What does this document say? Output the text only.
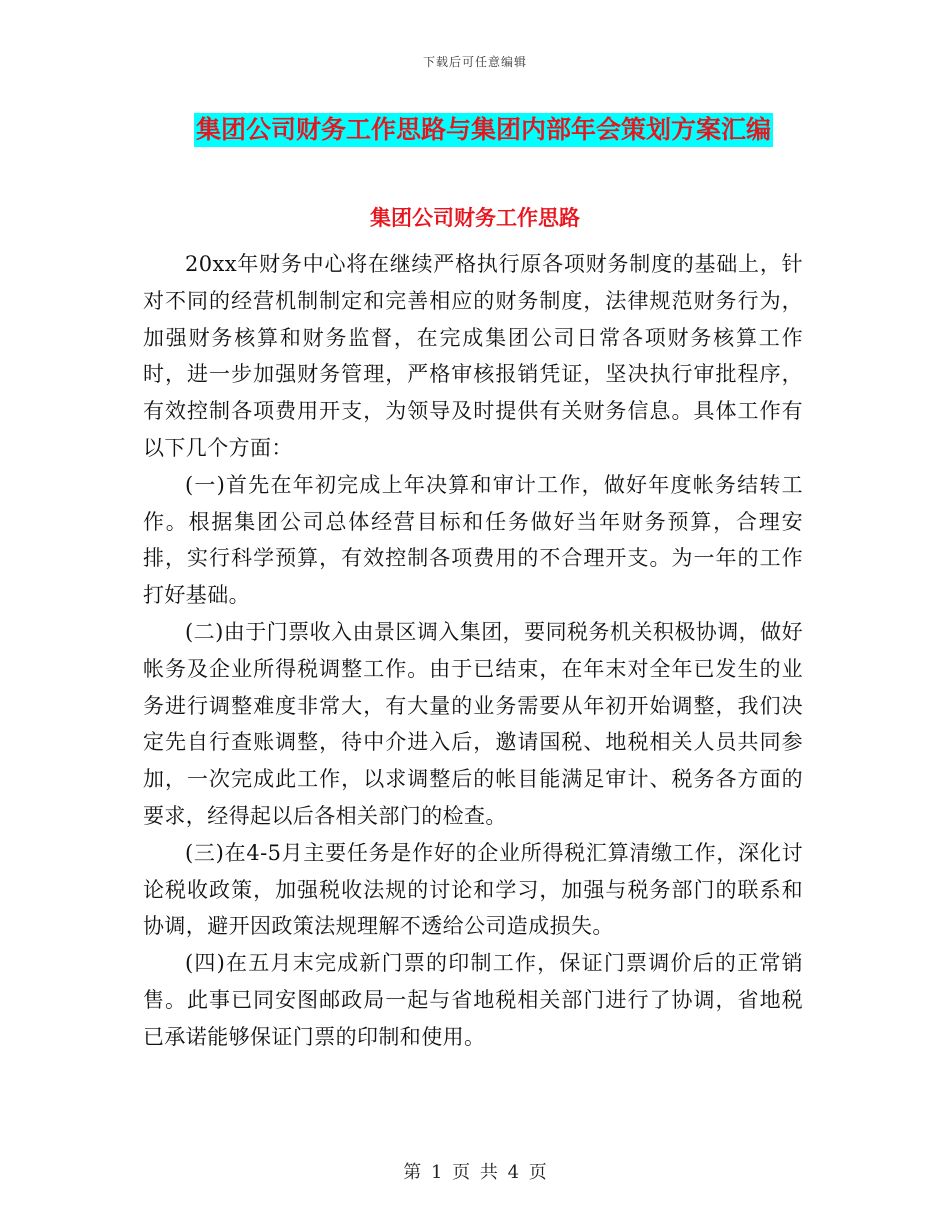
下载后可任意编辑
集团公司财务工作思路与集团内部年会策划方案汇编
集团公司财务工作思路

20xx年财务中心将在继续严格执行原各项财务制度的基础上，针对不同的经营机制制定和完善相应的财务制度，法律规范财务行为，加强财务核算和财务监督，在完成集团公司日常各项财务核算工作时，进一步加强财务管理，严格审核报销凭证，坚决执行审批程序，有效控制各项费用开支，为领导及时提供有关财务信息。具体工作有以下几个方面：

(一)首先在年初完成上年决算和审计工作，做好年度帐务结转工作。根据集团公司总体经营目标和任务做好当年财务预算，合理安排，实行科学预算，有效控制各项费用的不合理开支。为一年的工作打好基础。

(二)由于门票收入由景区调入集团，要同税务机关积极协调，做好帐务及企业所得税调整工作。由于已结束，在年末对全年已发生的业务进行调整难度非常大，有大量的业务需要从年初开始调整，我们决定先自行查账调整，待中介进入后，邀请国税、地税相关人员共同参加，一次完成此工作，以求调整后的帐目能满足审计、税务各方面的要求，经得起以后各相关部门的检查。

(三)在4-5月主要任务是作好的企业所得税汇算清缴工作，深化讨论税收政策，加强税收法规的讨论和学习，加强与税务部门的联系和协调，避开因政策法规理解不透给公司造成损失。

(四)在五月末完成新门票的印制工作，保证门票调价后的正常销售。此事已同安图邮政局一起与省地税相关部门进行了协调，省地税已承诺能够保证门票的印制和使用。

第 1 页 共 4 页
